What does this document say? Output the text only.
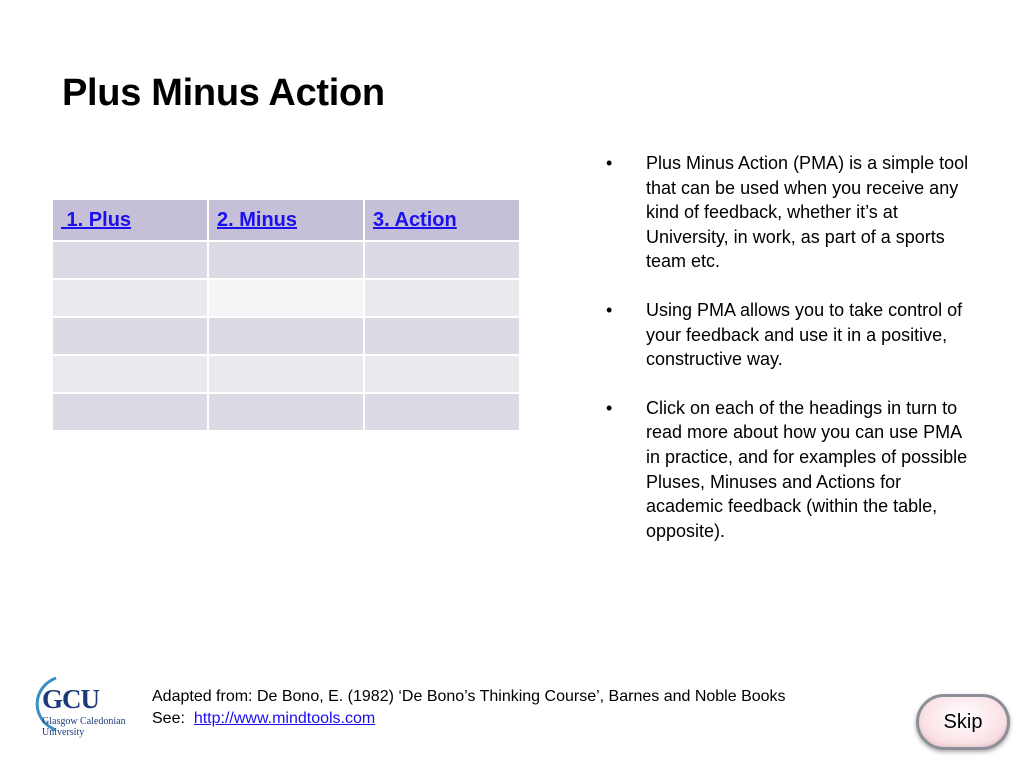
Plus Minus Action
1. Plus	2. Minus	3. Action

• Plus Minus Action (PMA) is a simple tool that can be used when you receive any kind of feedback, whether it’s at University, in work, as part of a sports team etc.
• Using PMA allows you to take control of your feedback and use it in a positive, constructive way.
• Click on each of the headings in turn to read more about how you can use PMA in practice, and for examples of possible Pluses, Minuses and Actions for academic feedback (within the table, opposite).
GCU
Glasgow Caledonian
University
Adapted from: De Bono, E. (1982) ‘De Bono’s Thinking Course’, Barnes and Noble Books
See: http://www.mindtools.com	Skip
